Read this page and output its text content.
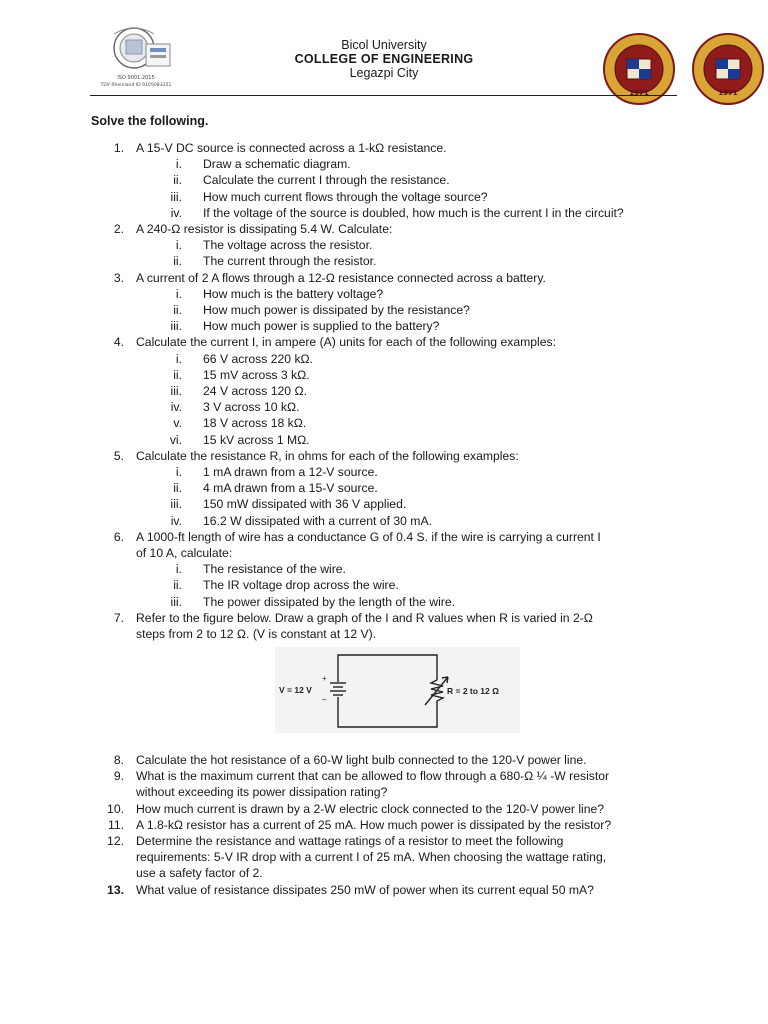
ISO 9001:2015
TÜV Rheinland ID 9105083351
Bicol University
COLLEGE OF ENGINEERING
Legazpi City
1971	1971
Solve the following.
1. A 15-V DC source is connected across a 1-kΩ resistance.
i. Draw a schematic diagram.
ii. Calculate the current I through the resistance.
iii. How much current flows through the voltage source?
iv. If the voltage of the source is doubled, how much is the current I in the circuit?
2. A 240-Ω resistor is dissipating 5.4 W. Calculate:
i. The voltage across the resistor.
ii. The current through the resistor.
3. A current of 2 A flows through a 12-Ω resistance connected across a battery.
i. How much is the battery voltage?
ii. How much power is dissipated by the resistance?
iii. How much power is supplied to the battery?
4. Calculate the current I, in ampere (A) units for each of the following examples:
i. 66 V across 220 kΩ.
ii. 15 mV across 3 kΩ.
iii. 24 V across 120 Ω.
iv. 3 V across 10 kΩ.
v. 18 V across 18 kΩ.
vi. 15 kV across 1 MΩ.
5. Calculate the resistance R, in ohms for each of the following examples:
i. 1 mA drawn from a 12-V source.
ii. 4 mA drawn from a 15-V source.
iii. 150 mW dissipated with 36 V applied.
iv. 16.2 W dissipated with a current of 30 mA.
6. A 1000-ft length of wire has a conductance G of 0.4 S. if the wire is carrying a current I
of 10 A, calculate:
i. The resistance of the wire.
ii. The IR voltage drop across the wire.
iii. The power dissipated by the length of the wire.
7. Refer to the figure below. Draw a graph of the I and R values when R is varied in 2-Ω
steps from 2 to 12 Ω. (V is constant at 12 V).
8. Calculate the hot resistance of a 60-W light bulb connected to the 120-V power line.
9. What is the maximum current that can be allowed to flow through a 680-Ω ¼ -W resistor
without exceeding its power dissipation rating?
10. How much current is drawn by a 2-W electric clock connected to the 120-V power line?
11. A 1.8-kΩ resistor has a current of 25 mA. How much power is dissipated by the resistor?
12. Determine the resistance and wattage ratings of a resistor to meet the following
requirements: 5-V IR drop with a current I of 25 mA. When choosing the wattage rating,
use a safety factor of 2.
13. What value of resistance dissipates 250 mW of power when its current equal 50 mA?
V = 12 V
+
–
R = 2 to 12 Ω
